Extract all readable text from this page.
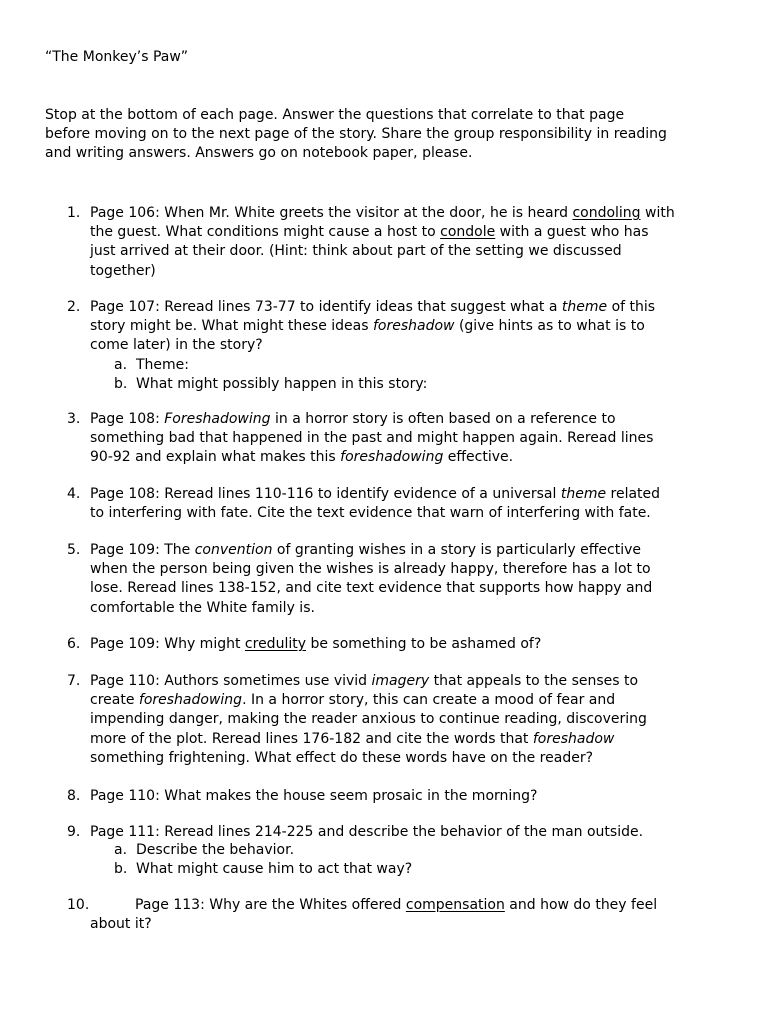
“The Monkey’s Paw”
Stop at the bottom of each page. Answer the questions that correlate to that page
before moving on to the next page of the story. Share the group responsibility in reading
and writing answers. Answers go on notebook paper, please.
1. Page 106: When Mr. White greets the visitor at the door, he is heard condoling with
the guest. What conditions might cause a host to condole with a guest who has
just arrived at their door. (Hint: think about part of the setting we discussed
together)
2. Page 107: Reread lines 73-77 to identify ideas that suggest what a theme of this
story might be. What might these ideas foreshadow (give hints as to what is to
come later) in the story?
a. Theme:
b. What might possibly happen in this story:
3. Page 108: Foreshadowing in a horror story is often based on a reference to
something bad that happened in the past and might happen again. Reread lines
90-92 and explain what makes this foreshadowing effective.
4. Page 108: Reread lines 110-116 to identify evidence of a universal theme related
to interfering with fate. Cite the text evidence that warn of interfering with fate.
5. Page 109: The convention of granting wishes in a story is particularly effective
when the person being given the wishes is already happy, therefore has a lot to
lose. Reread lines 138-152, and cite text evidence that supports how happy and
comfortable the White family is.
6. Page 109: Why might credulity be something to be ashamed of?
7. Page 110: Authors sometimes use vivid imagery that appeals to the senses to
create foreshadowing. In a horror story, this can create a mood of fear and
impending danger, making the reader anxious to continue reading, discovering
more of the plot. Reread lines 176-182 and cite the words that foreshadow
something frightening. What effect do these words have on the reader?
8. Page 110: What makes the house seem prosaic in the morning?
9. Page 111: Reread lines 214-225 and describe the behavior of the man outside.
a. Describe the behavior.
b. What might cause him to act that way?
10.	Page 113: Why are the Whites offered compensation and how do they feel
about it?
